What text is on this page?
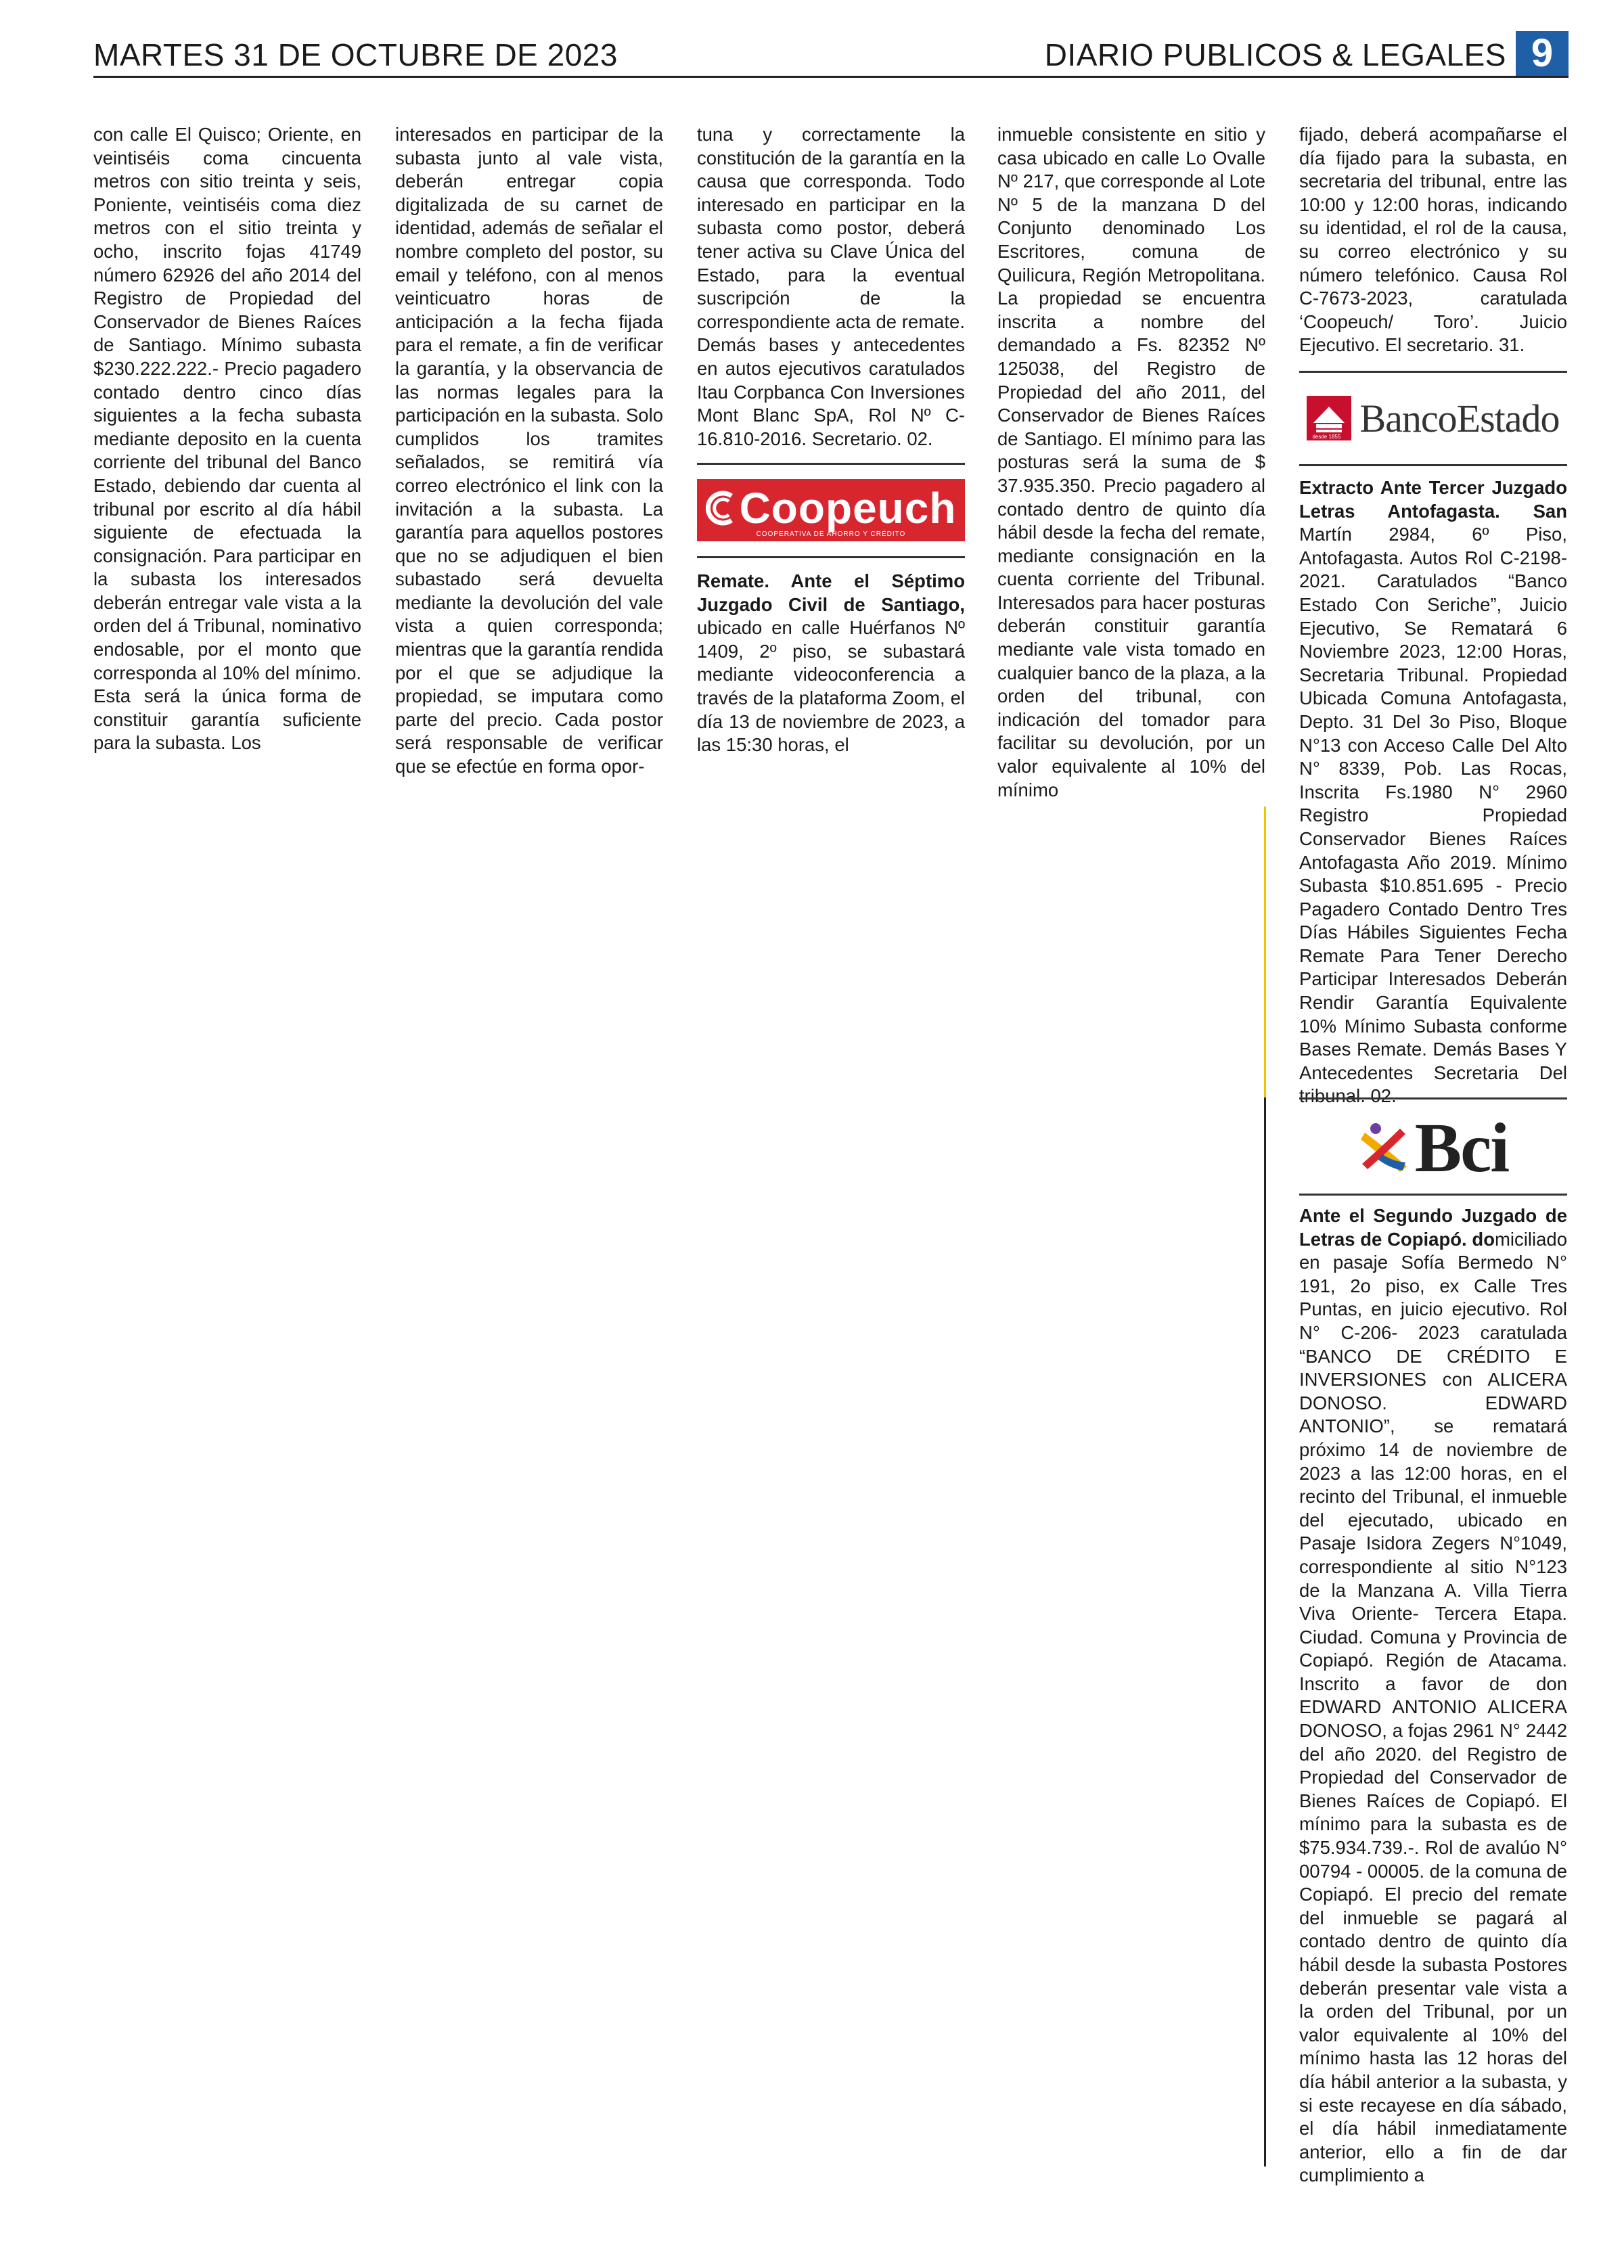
MARTES 31 DE OCTUBRE DE 2023	DIARIO PUBLICOS & LEGALES 9

con calle El Quisco; Oriente, en veintiséis coma cincuenta metros con sitio treinta y seis, Poniente, veintiséis coma diez metros con el sitio treinta y ocho, inscrito fojas 41749 número 62926 del año 2014 del Registro de Propiedad del Conservador de Bienes Raíces de Santiago. Mínimo subasta $230.222.222.- Precio pagadero contado dentro cinco días siguientes a la fecha subasta mediante deposito en la cuenta corriente del tribunal del Banco Estado, debiendo dar cuenta al tribunal por escrito al día hábil siguiente de efectuada la consignación. Para participar en la subasta los interesados deberán entregar vale vista a la orden del á Tribunal, nominativo endosable, por el monto que corresponda al 10% del mínimo. Esta será la única forma de constituir garantía suficiente para la subasta. Los

interesados en participar de la subasta junto al vale vista, deberán entregar copia digitalizada de su carnet de identidad, además de señalar el nombre completo del postor, su email y teléfono, con al menos veinticuatro horas de anticipación a la fecha fijada para el remate, a fin de verificar la garantía, y la observancia de las normas legales para la participación en la subasta. Solo cumplidos los tramites señalados, se remitirá vía correo electrónico el link con la invitación a la subasta. La garantía para aquellos postores que no se adjudiquen el bien subastado será devuelta mediante la devolución del vale vista a quien corresponda; mientras que la garantía rendida por el que se adjudique la propiedad, se imputara como parte del precio. Cada postor será responsable de verificar que se efectúe en forma opor-

tuna y correctamente la constitución de la garantía en la causa que corresponda. Todo interesado en participar en la subasta como postor, deberá tener activa su Clave Única del Estado, para la eventual suscripción de la correspondiente acta de remate. Demás bases y antecedentes en autos ejecutivos caratulados Itau Corpbanca Con Inversiones Mont Blanc SpA, Rol Nº C-16.810-2016. Secretario. 02.

Coopeuch
COOPERATIVA DE AHORRO Y CRÉDITO

Remate. Ante el Séptimo Juzgado Civil de Santiago, ubicado en calle Huérfanos Nº 1409, 2º piso, se subastará mediante videoconferencia a través de la plataforma Zoom, el día 13 de noviembre de 2023, a las 15:30 horas, el

inmueble consistente en sitio y casa ubicado en calle Lo Ovalle Nº 217, que corresponde al Lote Nº 5 de la manzana D del Conjunto denominado Los Escritores, comuna de Quilicura, Región Metropolitana. La propiedad se encuentra inscrita a nombre del demandado a Fs. 82352 Nº 125038, del Registro de Propiedad del año 2011, del Conservador de Bienes Raíces de Santiago. El mínimo para las posturas será la suma de $ 37.935.350. Precio pagadero al contado dentro de quinto día hábil desde la fecha del remate, mediante consignación en la cuenta corriente del Tribunal. Interesados para hacer posturas deberán constituir garantía mediante vale vista tomado en cualquier banco de la plaza, a la orden del tribunal, con indicación del tomador para facilitar su devolución, por un valor equivalente al 10% del mínimo

fijado, deberá acompañarse el día fijado para la subasta, en secretaria del tribunal, entre las 10:00 y 12:00 horas, indicando su identidad, el rol de la causa, su correo electrónico y su número telefónico. Causa Rol C-7673-2023, caratulada ‘Coopeuch/ Toro’. Juicio Ejecutivo. El secretario. 31.

desde 1855 BancoEstado

Extracto Ante Tercer Juzgado Letras Antofagasta. San Martín 2984, 6º Piso, Antofagasta. Autos Rol C-2198-2021. Caratulados “Banco Estado Con Seriche”, Juicio Ejecutivo, Se Rematará 6 Noviembre 2023, 12:00 Horas, Secretaria Tribunal. Propiedad Ubicada Comuna Antofagasta, Depto. 31 Del 3o Piso, Bloque N°13 con Acceso Calle Del Alto N° 8339, Pob. Las Rocas, Inscrita Fs.1980 N° 2960 Registro Propiedad Conservador Bienes Raíces Antofagasta Año 2019. Mínimo Subasta $10.851.695 - Precio Pagadero Contado Dentro Tres Días Hábiles Siguientes Fecha Remate Para Tener Derecho Participar Interesados Deberán Rendir Garantía Equivalente 10% Mínimo Subasta conforme Bases Remate. Demás Bases Y Antecedentes Secretaria Del tribunal. 02.

Bci

Ante el Segundo Juzgado de Letras de Copiapó. domiciliado en pasaje Sofía Bermedo N° 191, 2o piso, ex Calle Tres Puntas, en juicio ejecutivo. Rol N° C-206- 2023 caratulada “BANCO DE CRÉDITO E INVERSIONES con ALICERA DONOSO. EDWARD ANTONIO”, se rematará próximo 14 de noviembre de 2023 a las 12:00 horas, en el recinto del Tribunal, el inmueble del ejecutado, ubicado en Pasaje Isidora Zegers N°1049, correspondiente al sitio N°123 de la Manzana A. Villa Tierra Viva Oriente- Tercera Etapa. Ciudad. Comuna y Provincia de Copiapó. Región de Atacama. Inscrito a favor de don EDWARD ANTONIO ALICERA DONOSO, a fojas 2961 N° 2442 del año 2020. del Registro de Propiedad del Conservador de Bienes Raíces de Copiapó. El mínimo para la subasta es de $75.934.739.-. Rol de avalúo N° 00794 - 00005. de la comuna de Copiapó. El precio del remate del inmueble se pagará al contado dentro de quinto día hábil desde la subasta Postores deberán presentar vale vista a la orden del Tribunal, por un valor equivalente al 10% del mínimo hasta las 12 horas del día hábil anterior a la subasta, y si este recayese en día sábado, el día hábil inmediatamente anterior, ello a fin de dar cumplimiento a
